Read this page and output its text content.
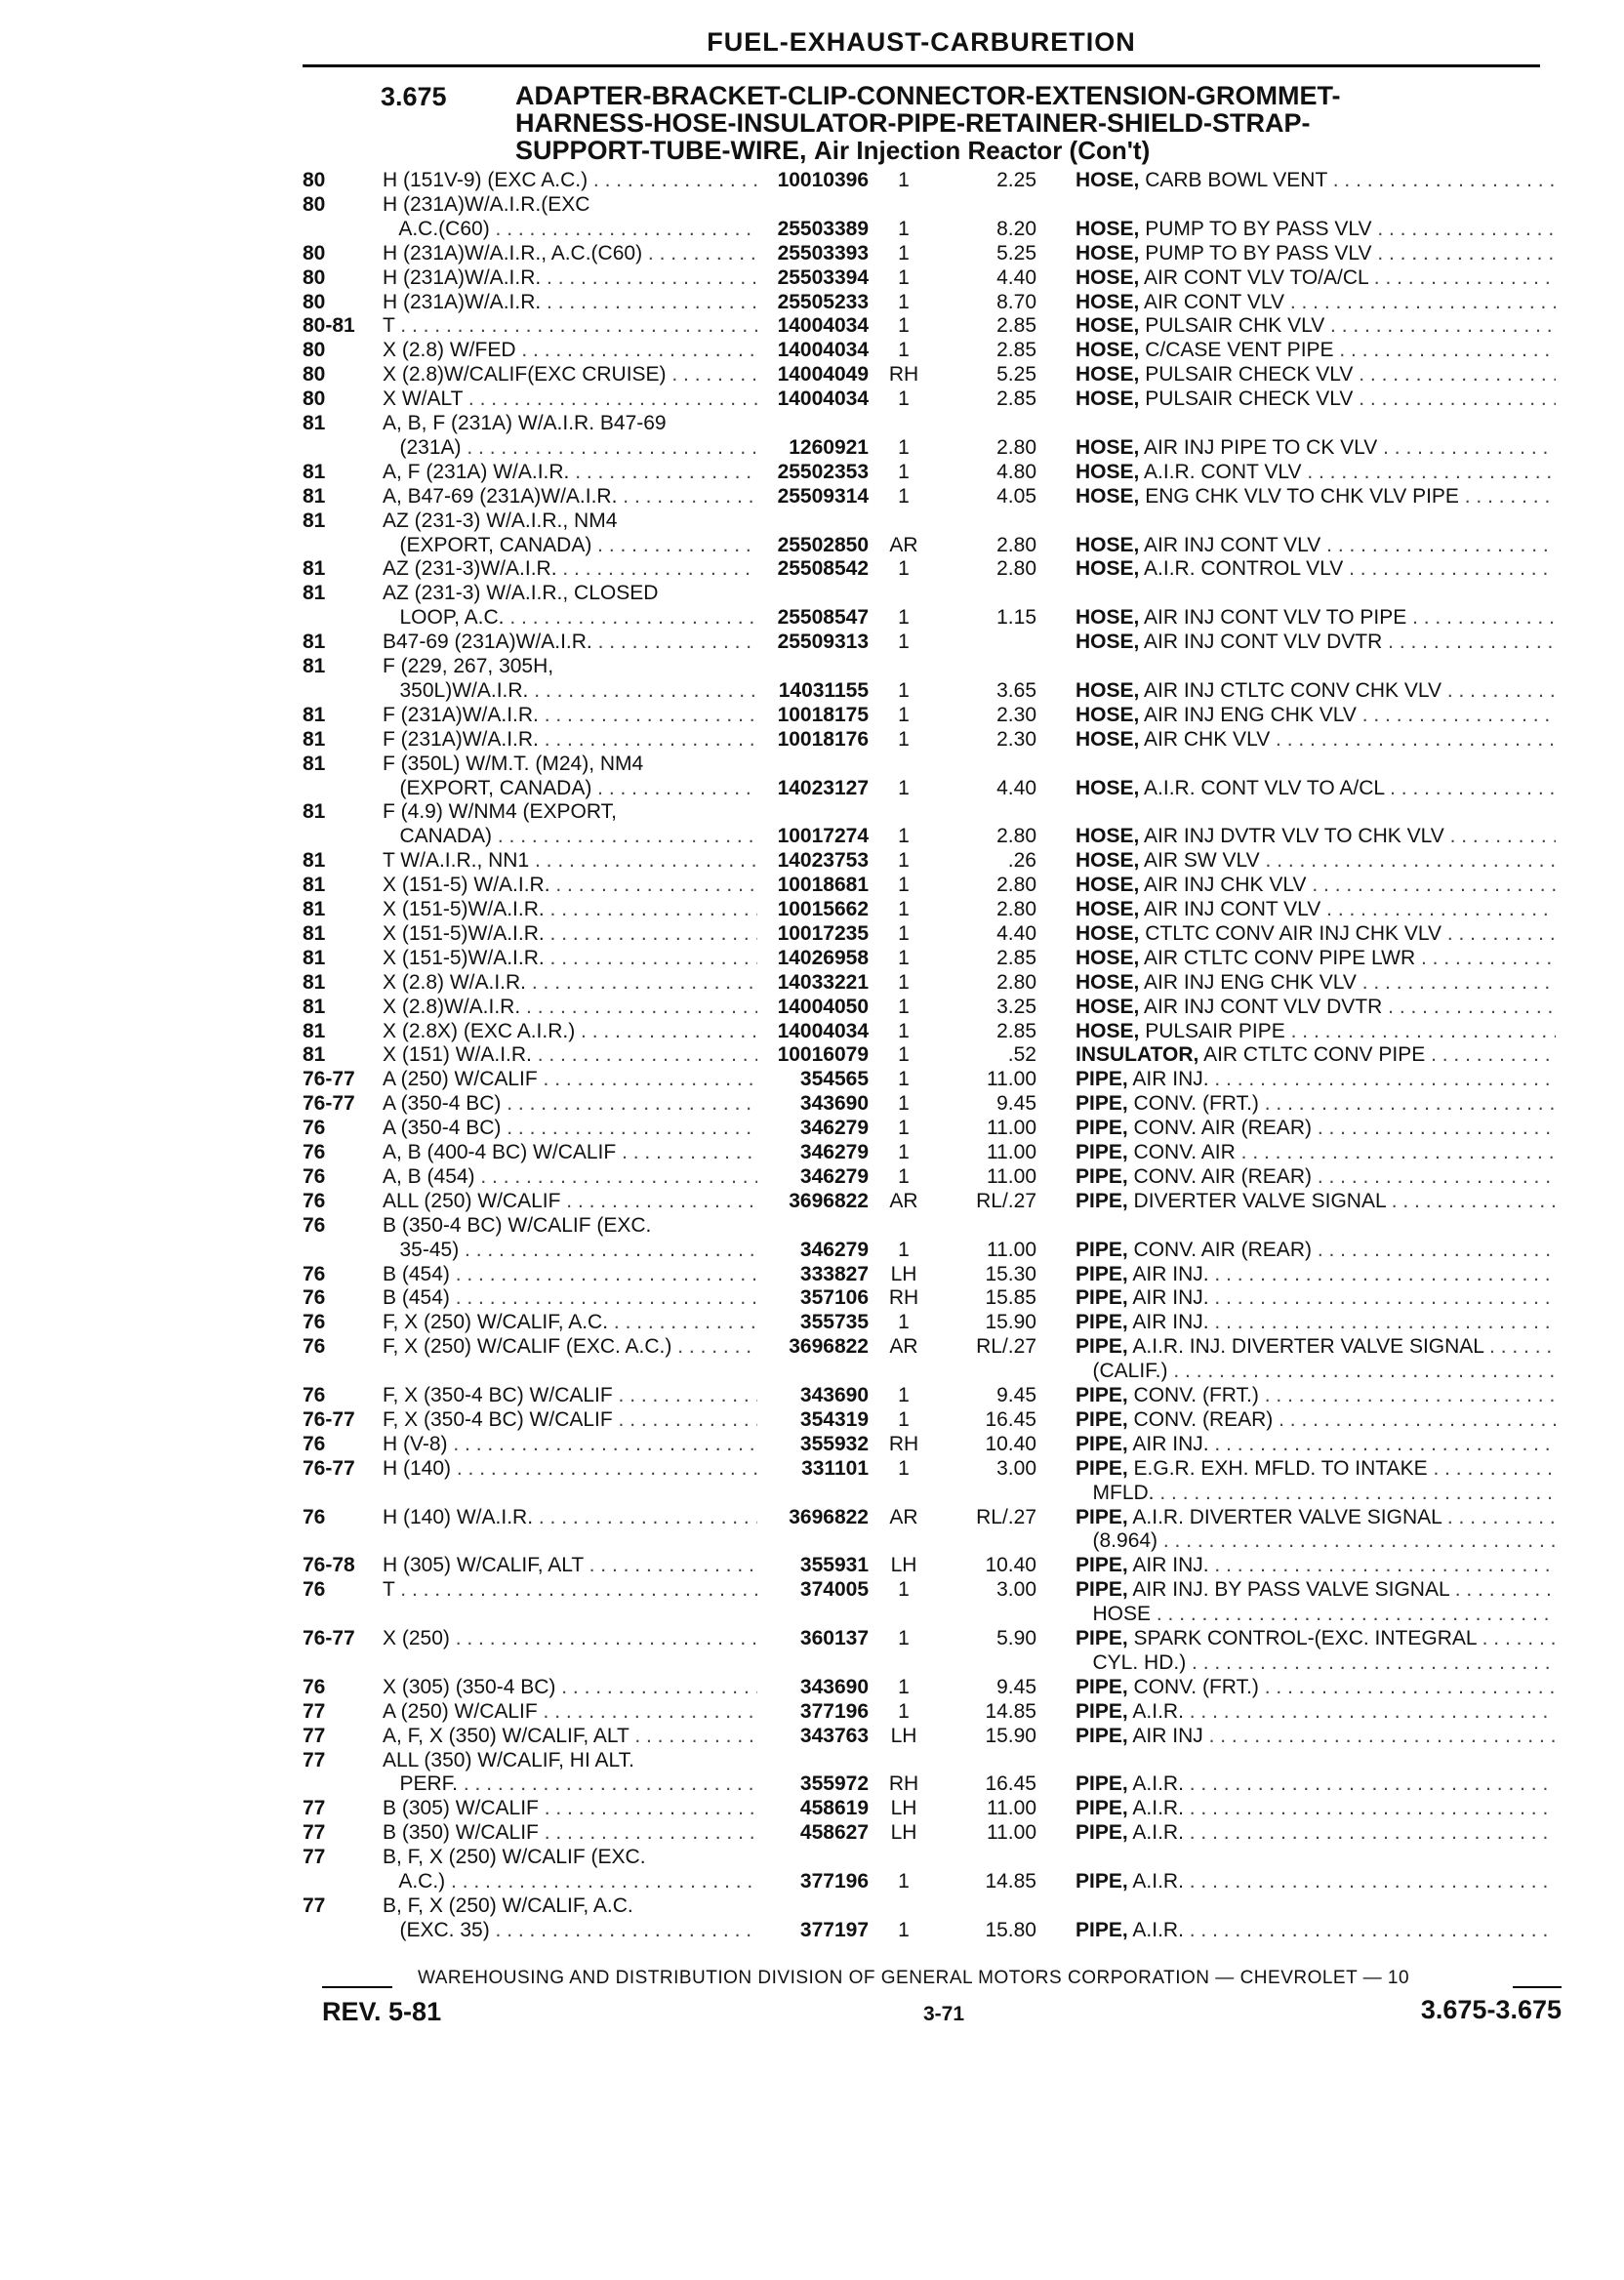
FUEL-EXHAUST-CARBURETION
3.675	ADAPTER-BRACKET-CLIP-CONNECTOR-EXTENSION-GROMMET-
HARNESS-HOSE-INSULATOR-PIPE-RETAINER-SHIELD-STRAP-
SUPPORT-TUBE-WIRE, Air Injection Reactor (Con't)
80	H (151V-9) (EXC A.C.) . . .	10010396	1	2.25 HOSE, CARB BOWL VENT . . .
80	H (231A)W/A.I.R.(EXC
A.C.(C60) . . .	25503389	1	8.20 HOSE, PUMP TO BY PASS VLV . . .
80	H (231A)W/A.I.R., A.C.(C60) . . .	25503393	1	5.25 HOSE, PUMP TO BY PASS VLV . . .
80	H (231A)W/A.I.R. . . .	25503394	1	4.40 HOSE, AIR CONT VLV TO/A/CL . . .
80	H (231A)W/A.I.R. . . .	25505233	1	8.70 HOSE, AIR CONT VLV . . .
80-81 T . . .	14004034	1	2.85 HOSE, PULSAIR CHK VLV . . .
80	X (2.8) W/FED . . .	14004034	1	2.85 HOSE, C/CASE VENT PIPE . . .
80	X (2.8)W/CALIF(EXC CRUISE) . . .	14004049 RH	5.25 HOSE, PULSAIR CHECK VLV . . .
80	X W/ALT . . .	14004034	1	2.85 HOSE, PULSAIR CHECK VLV . . .
81	A, B, F (231A) W/A.I.R. B47-69
(231A) . . .	1260921	1	2.80 HOSE, AIR INJ PIPE TO CK VLV . . .
81	A, F (231A) W/A.I.R. . . .	25502353	1	4.80 HOSE, A.I.R. CONT VLV . . .
81	A, B47-69 (231A)W/A.I.R. . . .	25509314	1	4.05 HOSE, ENG CHK VLV TO CHK VLV PIPE . . .
81	AZ (231-3) W/A.I.R., NM4
(EXPORT, CANADA) . . .	25502850 AR	2.80 HOSE, AIR INJ CONT VLV . . .
81	AZ (231-3)W/A.I.R. . . .	25508542	1	2.80 HOSE, A.I.R. CONTROL VLV . . .
81	AZ (231-3) W/A.I.R., CLOSED
LOOP, A.C. . . .	25508547	1	1.15 HOSE, AIR INJ CONT VLV TO PIPE . . .
81	B47-69 (231A)W/A.I.R. . . .	25509313	1	HOSE, AIR INJ CONT VLV DVTR . . .
81	F (229, 267, 305H,
350L)W/A.I.R. . . .	14031155	1	3.65 HOSE, AIR INJ CTLTC CONV CHK VLV . . .
81	F (231A)W/A.I.R. . . .	10018175	1	2.30 HOSE, AIR INJ ENG CHK VLV . . .
81	F (231A)W/A.I.R. . . .	10018176	1	2.30 HOSE, AIR CHK VLV . . .
81	F (350L) W/M.T. (M24), NM4
(EXPORT, CANADA) . . .	14023127	1	4.40 HOSE, A.I.R. CONT VLV TO A/CL . . .
81	F (4.9) W/NM4 (EXPORT,
CANADA) . . .	10017274	1	2.80 HOSE, AIR INJ DVTR VLV TO CHK VLV . . .
81	T W/A.I.R., NN1 . . .	14023753	1	.26 HOSE, AIR SW VLV . . .
81	X (151-5) W/A.I.R. . . .	10018681	1	2.80 HOSE, AIR INJ CHK VLV . . .
81	X (151-5)W/A.I.R. . . .	10015662	1	2.80 HOSE, AIR INJ CONT VLV . . .
81	X (151-5)W/A.I.R. . . .	10017235	1	4.40 HOSE, CTLTC CONV AIR INJ CHK VLV . . .
81	X (151-5)W/A.I.R. . . .	14026958	1	2.85 HOSE, AIR CTLTC CONV PIPE LWR . . .
81	X (2.8) W/A.I.R. . . .	14033221	1	2.80 HOSE, AIR INJ ENG CHK VLV . . .
81	X (2.8)W/A.I.R. . . .	14004050	1	3.25 HOSE, AIR INJ CONT VLV DVTR . . .
81	X (2.8X) (EXC A.I.R.) . . .	14004034	1	2.85 HOSE, PULSAIR PIPE . . .
81	X (151) W/A.I.R. . . .	10016079	1	.52 INSULATOR, AIR CTLTC CONV PIPE . . .
76-77 A (250) W/CALIF . . .	354565	1	11.00 PIPE, AIR INJ. . . .
76-77 A (350-4 BC) . . .	343690	1	9.45 PIPE, CONV. (FRT.) . . .
76	A (350-4 BC) . . .	346279	1	11.00 PIPE, CONV. AIR (REAR) . . .
76	A, B (400-4 BC) W/CALIF . . .	346279	1	11.00 PIPE, CONV. AIR . . .
76	A, B (454) . . .	346279	1	11.00 PIPE, CONV. AIR (REAR) . . .
76	ALL (250) W/CALIF . . .	3696822 AR	RL/.27 PIPE, DIVERTER VALVE SIGNAL . . .
76	B (350-4 BC) W/CALIF (EXC.
35-45) . . .	346279	1	11.00 PIPE, CONV. AIR (REAR) . . .
76	B (454) . . .	333827	LH	15.30 PIPE, AIR INJ. . . .
76	B (454) . . .	357106 RH	15.85 PIPE, AIR INJ. . . .
76	F, X (250) W/CALIF, A.C. . . .	355735	1	15.90 PIPE, AIR INJ. . . .
76	F, X (250) W/CALIF (EXC. A.C.) . . .	3696822 AR	RL/.27 PIPE, A.I.R. INJ. DIVERTER VALVE SIGNAL . . .
(CALIF.) . . .
76	F, X (350-4 BC) W/CALIF . . .	343690	1	9.45 PIPE, CONV. (FRT.) . . .
76-77 F, X (350-4 BC) W/CALIF . . .	354319	1	16.45 PIPE, CONV. (REAR) . . .
76	H (V-8) . . .	355932 RH	10.40 PIPE, AIR INJ. . . .
76-77 H (140) . . .	331101	1	3.00 PIPE, E.G.R. EXH. MFLD. TO INTAKE . . .
MFLD. . . .
76	H (140) W/A.I.R. . . .	3696822 AR	RL/.27 PIPE, A.I.R. DIVERTER VALVE SIGNAL . . .
(8.964) . . .
76-78 H (305) W/CALIF, ALT . . .	355931	LH	10.40 PIPE, AIR INJ. . . .
76	T . . .	374005	1	3.00 PIPE, AIR INJ. BY PASS VALVE SIGNAL . . .
HOSE . . .
76-77 X (250) . . .	360137	1	5.90 PIPE, SPARK CONTROL-(EXC. INTEGRAL . . .
CYL. HD.) . . .
76	X (305) (350-4 BC) . . .	343690	1	9.45 PIPE, CONV. (FRT.) . . .
77	A (250) W/CALIF . . .	377196	1	14.85 PIPE, A.I.R. . . .
77	A, F, X (350) W/CALIF, ALT . . .	343763	LH	15.90 PIPE, AIR INJ . . .
77	ALL (350) W/CALIF, HI ALT.
PERF. . . .	355972 RH	16.45 PIPE, A.I.R. . . .
77	B (305) W/CALIF . . .	458619	LH	11.00 PIPE, A.I.R. . . .
77	B (350) W/CALIF . . .	458627	LH	11.00 PIPE, A.I.R. . . .
77	B, F, X (250) W/CALIF (EXC.
A.C.) . . .	377196	1	14.85 PIPE, A.I.R. . . .
77	B, F, X (250) W/CALIF, A.C.
(EXC. 35) . . .	377197	1	15.80 PIPE, A.I.R. . . .
WAREHOUSING AND DISTRIBUTION DIVISION OF GENERAL MOTORS CORPORATION — CHEVROLET — 10
REV. 5-81	3-71	3.675-3.675
